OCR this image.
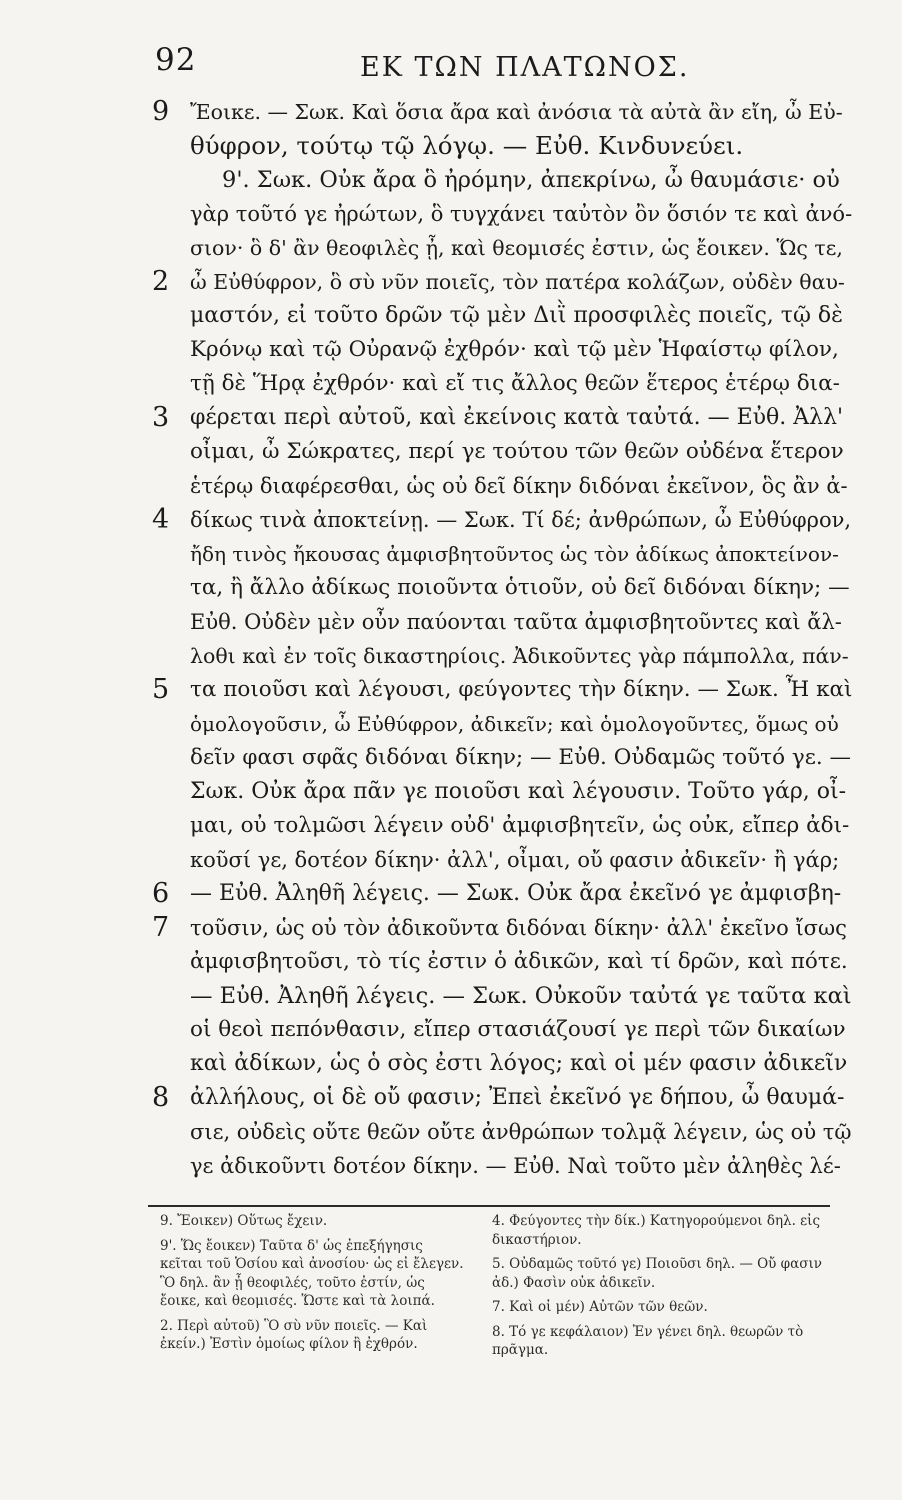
92	ΕΚ ΤΩΝ ΠΛΑΤΩΝΟΣ.
9
2
3
4
5
6
7
8
Ἔοικε. — Σωκ. Καὶ ὅσια ἄρα καὶ ἀνόσια τὰ αὐτὰ ἂν εἴη, ὦ Εὐ-
θύφρον, τούτῳ τῷ λόγῳ. — Εὐθ. Κινδυνεύει.
9'. Σωκ. Οὐκ ἄρα ὃ ἠρόμην, ἀπεκρίνω, ὦ θαυμάσιε· οὐ
γὰρ τοῦτό γε ἠρώτων, ὃ τυγχάνει ταὐτὸν ὂν ὅσιόν τε καὶ ἀνό-
σιον· ὃ δ' ἂν θεοφιλὲς ᾖ, καὶ θεομισές ἐστιν, ὡς ἔοικεν. Ὥς τε,
ὦ Εὐθύφρον, ὃ σὺ νῦν ποιεῖς, τὸν πατέρα κολάζων, οὐδὲν θαυ-
μαστόν, εἰ τοῦτο δρῶν τῷ μὲν Διῒ προσφιλὲς ποιεῖς, τῷ δὲ
Κρόνῳ καὶ τῷ Οὐρανῷ ἐχθρόν· καὶ τῷ μὲν Ἡφαίστῳ φίλον,
τῇ δὲ Ἥρᾳ ἐχθρόν· καὶ εἴ τις ἄλλος θεῶν ἕτερος ἑτέρῳ δια-
φέρεται περὶ αὐτοῦ, καὶ ἐκείνοις κατὰ ταὐτά. — Εὐθ. Ἀλλ'
οἶμαι, ὦ Σώκρατες, περί γε τούτου τῶν θεῶν οὐδένα ἕτερον
ἑτέρῳ διαφέρεσθαι, ὡς οὐ δεῖ δίκην διδόναι ἐκεῖνον, ὃς ἂν ἀ-
δίκως τινὰ ἀποκτείνῃ. — Σωκ. Τί δέ; ἀνθρώπων, ὦ Εὐθύφρον,
ἤδη τινὸς ἤκουσας ἀμφισβητοῦντος ὡς τὸν ἀδίκως ἀποκτείνον-
τα, ἢ ἄλλο ἀδίκως ποιοῦντα ὁτιοῦν, οὐ δεῖ διδόναι δίκην; —
Εὐθ. Οὐδὲν μὲν οὖν παύονται ταῦτα ἀμφισβητοῦντες καὶ ἄλ-
λοθι καὶ ἐν τοῖς δικαστηρίοις. Ἀδικοῦντες γὰρ πάμπολλα, πάν-
τα ποιοῦσι καὶ λέγουσι, φεύγοντες τὴν δίκην. — Σωκ. Ἦ καὶ
ὁμολογοῦσιν, ὦ Εὐθύφρον, ἀδικεῖν; καὶ ὁμολογοῦντες, ὅμως οὐ
δεῖν φασι σφᾶς διδόναι δίκην; — Εὐθ. Οὐδαμῶς τοῦτό γε. —
Σωκ. Οὐκ ἄρα πᾶν γε ποιοῦσι καὶ λέγουσιν. Τοῦτο γάρ, οἶ-
μαι, οὐ τολμῶσι λέγειν οὐδ' ἀμφισβητεῖν, ὡς οὐκ, εἴπερ ἀδι-
κοῦσί γε, δοτέον δίκην· ἀλλ', οἶμαι, οὔ φασιν ἀδικεῖν· ἢ γάρ;
— Εὐθ. Ἀληθῆ λέγεις. — Σωκ. Οὐκ ἄρα ἐκεῖνό γε ἀμφισβη-
τοῦσιν, ὡς οὐ τὸν ἀδικοῦντα διδόναι δίκην· ἀλλ' ἐκεῖνο ἴσως
ἀμφισβητοῦσι, τὸ τίς ἐστιν ὁ ἀδικῶν, καὶ τί δρῶν, καὶ πότε.
— Εὐθ. Ἀληθῆ λέγεις. — Σωκ. Οὐκοῦν ταὐτά γε ταῦτα καὶ
οἱ θεοὶ πεπόνθασιν, εἴπερ στασιάζουσί γε περὶ τῶν δικαίων
καὶ ἀδίκων, ὡς ὁ σὸς ἐστι λόγος; καὶ οἱ μέν φασιν ἀδικεῖν
ἀλλήλους, οἱ δὲ οὔ φασιν; Ἐπεὶ ἐκεῖνό γε δήπου, ὦ θαυμά-
σιε, οὐδεὶς οὔτε θεῶν οὔτε ἀνθρώπων τολμᾷ λέγειν, ὡς οὐ τῷ
γε ἀδικοῦντι δοτέον δίκην. — Εὐθ. Ναὶ τοῦτο μὲν ἀληθὲς λέ-

9. Ἔοικεν) Οὕτως ἔχειν.

9'. Ὥς ἔοικεν) Ταῦτα δ' ὡς ἐπεξήγησις κεῖται τοῦ Ὁσίου καὶ ἀνοσίου· ὡς εἰ ἔλεγεν. Ὃ δηλ. ἂν ᾖ θεοφιλές, τοῦτο ἐστίν, ὡς ἔοικε, καὶ θεομισές. Ὥστε καὶ τὰ λοιπά.

2. Περὶ αὐτοῦ) Ὃ σὺ νῦν ποιεῖς. — Καὶ ἐκείν.) Ἐστὶν ὁμοίως φίλον ἢ ἐχθρόν.

4. Φεύγοντες τὴν δίκ.) Κατηγορούμενοι δηλ. εἰς δικαστήριον.

5. Οὐδαμῶς τοῦτό γε) Ποιοῦσι δηλ. — Οὔ φασιν ἀδ.) Φασὶν οὐκ ἀδικεῖν.

7. Καὶ οἱ μέν) Αὐτῶν τῶν θεῶν.

8. Τό γε κεφάλαιον) Ἐν γένει δηλ. θεωρῶν τὸ πρᾶγμα.
